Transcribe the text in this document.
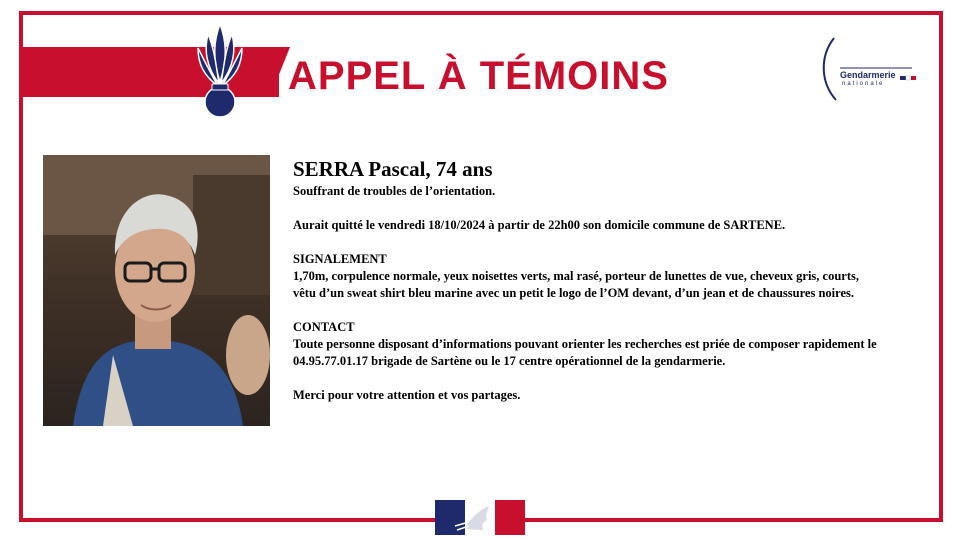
APPEL À TÉMOINS	Gendarmerie
nationale

SERRA Pascal, 74 ans

Souffrant de troubles de l’orientation.

Aurait quitté le vendredi 18/10/2024 à partir de 22h00 son domicile commune de SARTENE.

SIGNALEMENT

1,70m, corpulence normale, yeux noisettes verts, mal rasé, porteur de lunettes de vue, cheveux gris, courts, vêtu d’un sweat shirt bleu marine avec un petit le logo de l’OM devant, d’un jean et de chaussures noires.

CONTACT

Toute personne disposant d’informations pouvant orienter les recherches est priée de composer rapidement le 04.95.77.01.17 brigade de Sartène ou le 17 centre opérationnel de la gendarmerie.

Merci pour votre attention et vos partages.
